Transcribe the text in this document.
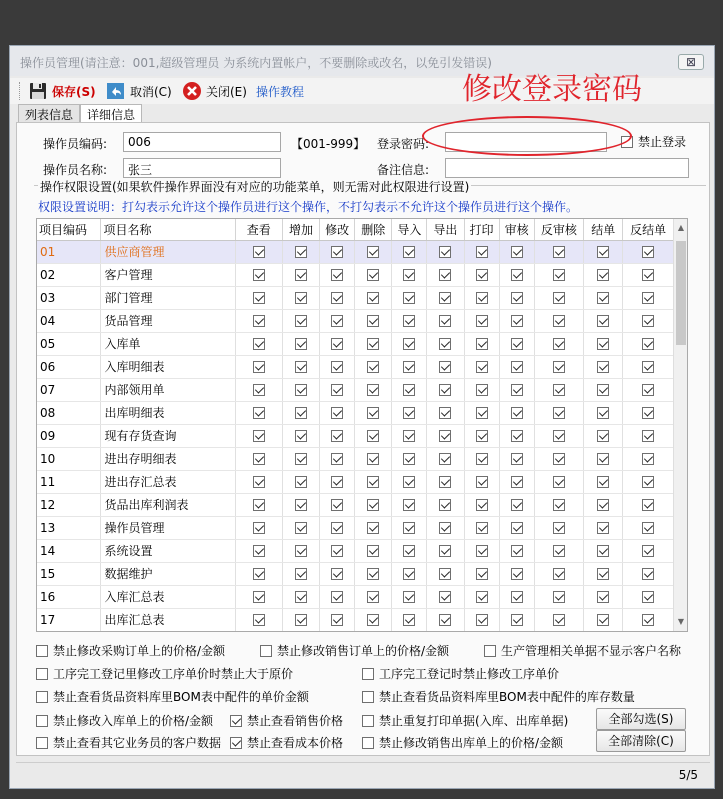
操作员管理(请注意：001,超级管理员 为系统内置帐户，不要删除或改名，以免引发错误)	⊠
保存(S)	取消(C)	关闭(E) 操作教程
列表信息	详细信息
操作员编码:	006	【001-999】
操作员名称:	张三
登录密码:	禁止登录
备注信息:
操作权限设置(如果软件操作界面没有对应的功能菜单，则无需对此权限进行设置)
权限设置说明：打勾表示允许这个操作员进行这个操作，不打勾表示不允许这个操作员进行这个操作。
项目编码	项目名称	查看	增加	修改	删除	导入	导出	打印	审核	反审核	结单	反结单
01	供应商管理											
02	客户管理											
03	部门管理											
04	货品管理											
05	入库单											
06	入库明细表											
07	内部领用单											
08	出库明细表											
09	现有存货查询											
10	进出存明细表											
11	进出存汇总表											
12	货品出库利润表											
13	操作员管理											
14	系统设置											
15	数据维护											
16	入库汇总表											
17	出库汇总表											
▲
▼
禁止修改采购订单上的价格/金额	禁止修改销售订单上的价格/金额	生产管理相关单据不显示客户名称
工序完工登记里修改工序单价时禁止大于原价	工序完工登记时禁止修改工序单价
禁止查看货品资料库里BOM表中配件的单价金额	禁止查看货品资料库里BOM表中配件的库存数量
禁止修改入库单上的价格/金额	禁止查看销售价格	禁止重复打印单据(入库、出库单据)	全部勾选(S)
禁止查看其它业务员的客户数据 禁止查看成本价格	禁止修改销售出库单上的价格/金额	全部清除(C)
5/5
修改登录密码
